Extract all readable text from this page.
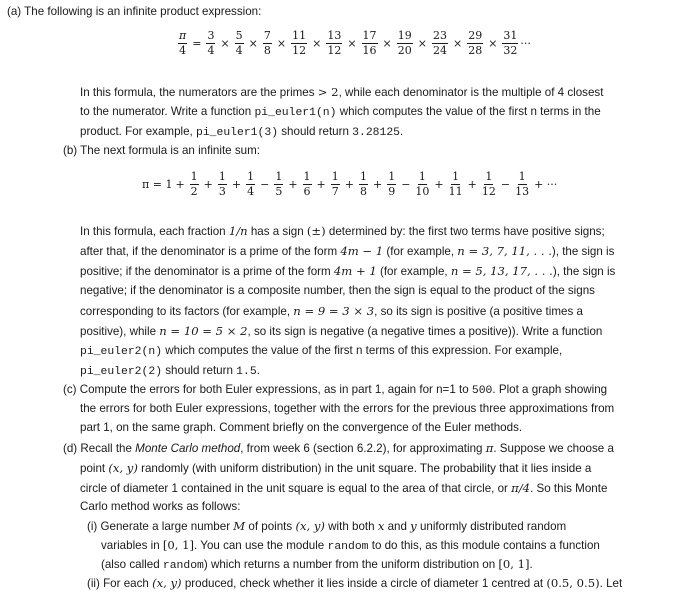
(a) The following is an infinite product expression:
$\frac{\pi}{4} = \frac{3}{4} \times \frac{5}{4} \times \frac{7}{8} \times \frac{11}{12} \times \frac{13}{12} \times \frac{17}{16} \times \frac{19}{20} \times \frac{23}{24} \times \frac{29}{28} \times \frac{31}{32}$ ···
In this formula, the numerators are the primes > 2, while each denominator is the multiple of 4 closest
to the numerator. Write a function pi_euler1(n) which computes the value of the first n terms in the
product. For example, pi_euler1(3) should return 3.28125.
(b) The next formula is an infinite sum:
$\pi = 1 + \frac{1}{2} + \frac{1}{3} + \frac{1}{4} - \frac{1}{5} + \frac{1}{6} + \frac{1}{7} + \frac{1}{8} + \frac{1}{9} - \frac{1}{10} + \frac{1}{11} + \frac{1}{12} - \frac{1}{13}$ + ···
In this formula, each fraction 1/n has a sign (±) determined by: the first two terms have positive signs;
after that, if the denominator is a prime of the form 4m − 1 (for example, n = 3, 7, 11, . . .), the sign is
positive; if the denominator is a prime of the form 4m + 1 (for example, n = 5, 13, 17, . . .), the sign is
negative; if the denominator is a composite number, then the sign is equal to the product of the signs
corresponding to its factors (for example, n = 9 = 3 × 3, so its sign is positive (a positive times a
positive), while n = 10 = 5 × 2, so its sign is negative (a negative times a positive)). Write a function
pi_euler2(n) which computes the value of the first n terms of this expression. For example,
pi_euler2(2) should return 1.5.
(c) Compute the errors for both Euler expressions, as in part 1, again for n=1 to 500. Plot a graph showing
the errors for both Euler expressions, together with the errors for the previous three approximations from
part 1, on the same graph. Comment briefly on the convergence of the Euler methods.
(d) Recall the Monte Carlo method, from week 6 (section 6.2.2), for approximating π. Suppose we choose a
point (x, y) randomly (with uniform distribution) in the unit square. The probability that it lies inside a
circle of diameter 1 contained in the unit square is equal to the area of that circle, or π/4. So this Monte
Carlo method works as follows:
(i) Generate a large number M of points (x, y) with both x and y uniformly distributed random
variables in [0, 1]. You can use the module random to do this, as this module contains a function
(also called random) which returns a number from the uniform distribution on [0, 1].
(ii) For each (x, y) produced, check whether it lies inside a circle of diameter 1 centred at (0.5, 0.5). Let
